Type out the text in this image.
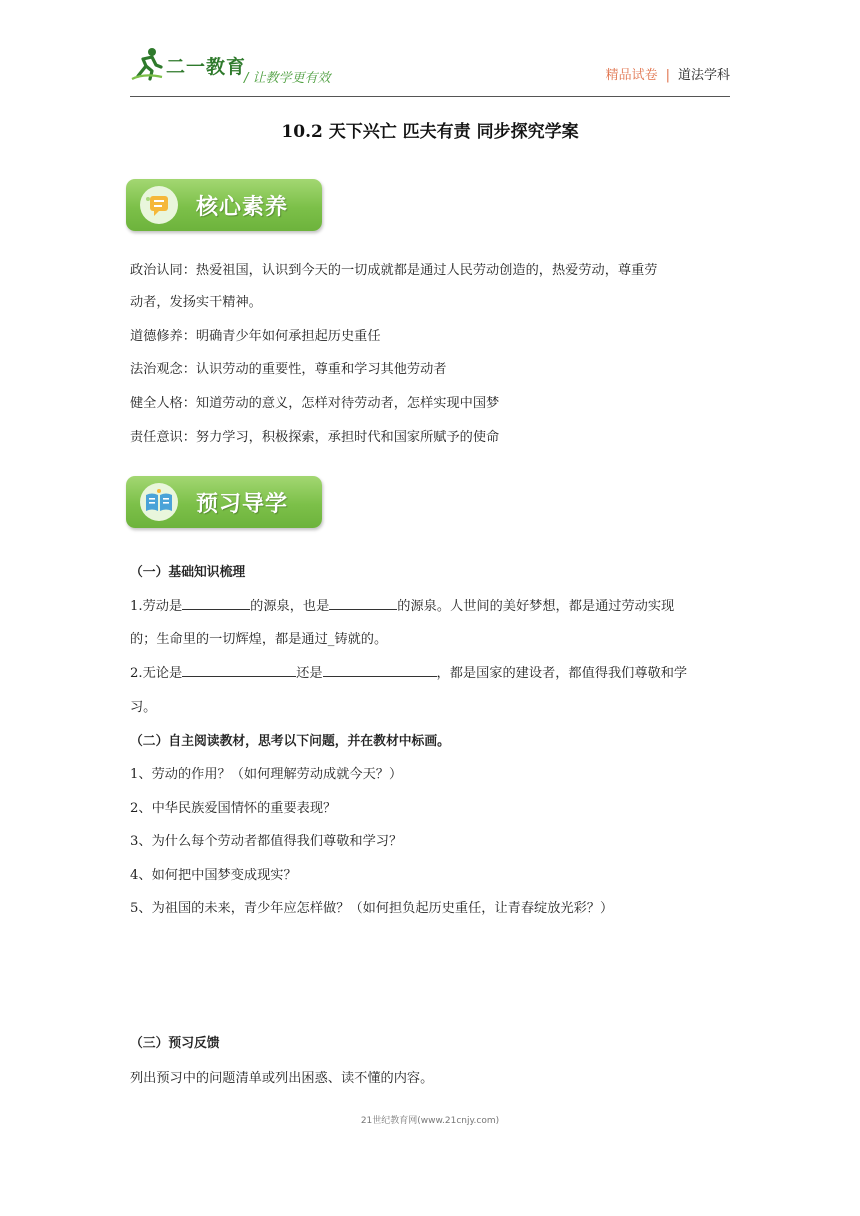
二一教育
/ 让教学更有效	精品试卷 | 道法学科
10.2 天下兴亡 匹夫有责 同步探究学案
核心素养
政治认同：热爱祖国，认识到今天的一切成就都是通过人民劳动创造的，热爱劳动，尊重劳
动者，发扬实干精神。
道德修养：明确青少年如何承担起历史重任
法治观念：认识劳动的重要性，尊重和学习其他劳动者
健全人格：知道劳动的意义，怎样对待劳动者，怎样实现中国梦
责任意识：努力学习，积极探索，承担时代和国家所赋予的使命
预习导学
（一）基础知识梳理
1.劳动是	的源泉，也是	的源泉。人世间的美好梦想，都是通过劳动实现
的；生命里的一切辉煌，都是通过_铸就的。
2.无论是	还是	，都是国家的建设者，都值得我们尊敬和学
习。
（二）自主阅读教材，思考以下问题，并在教材中标画。
1、劳动的作用？（如何理解劳动成就今天？）
2、中华民族爱国情怀的重要表现？
3、为什么每个劳动者都值得我们尊敬和学习？
4、如何把中国梦变成现实？
5、为祖国的未来，青少年应怎样做？（如何担负起历史重任，让青春绽放光彩？）
（三）预习反馈
列出预习中的问题清单或列出困惑、读不懂的内容。
21世纪教育网(www.21cnjy.com)
